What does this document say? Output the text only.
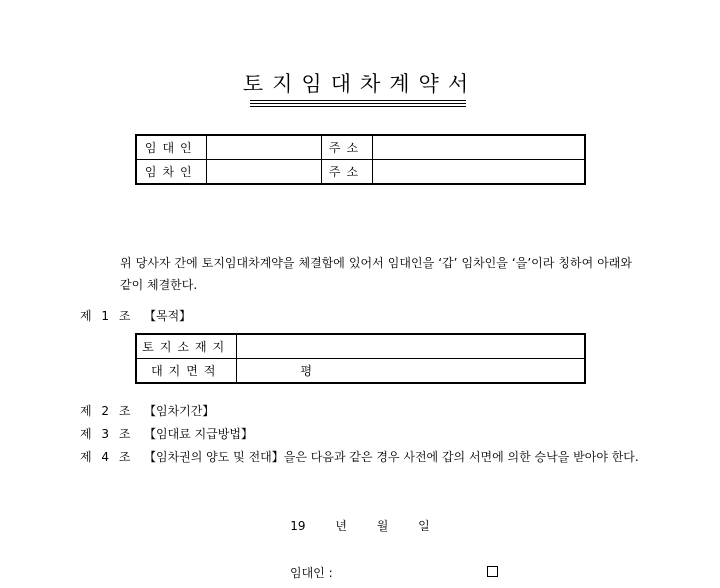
토지임대차계약서
임대인		주소	
임차인		주소	
위 당사자 간에 토지임대차계약을 체결함에 있어서 임대인을 ‘갑’ 임차인을 ‘을’이라 칭하여 아래와 같이 체결한다.
제 1 조 【목적】
토지소재지	
대지면적	평
제 2 조 【임차기간】
제 3 조 【임대료 지급방법】
제 4 조 【임차권의 양도 및 전대】을은 다음과 같은 경우 사전에 갑의 서면에 의한 승낙을 받아야 한다.
19 년 월 일
임대인 :
